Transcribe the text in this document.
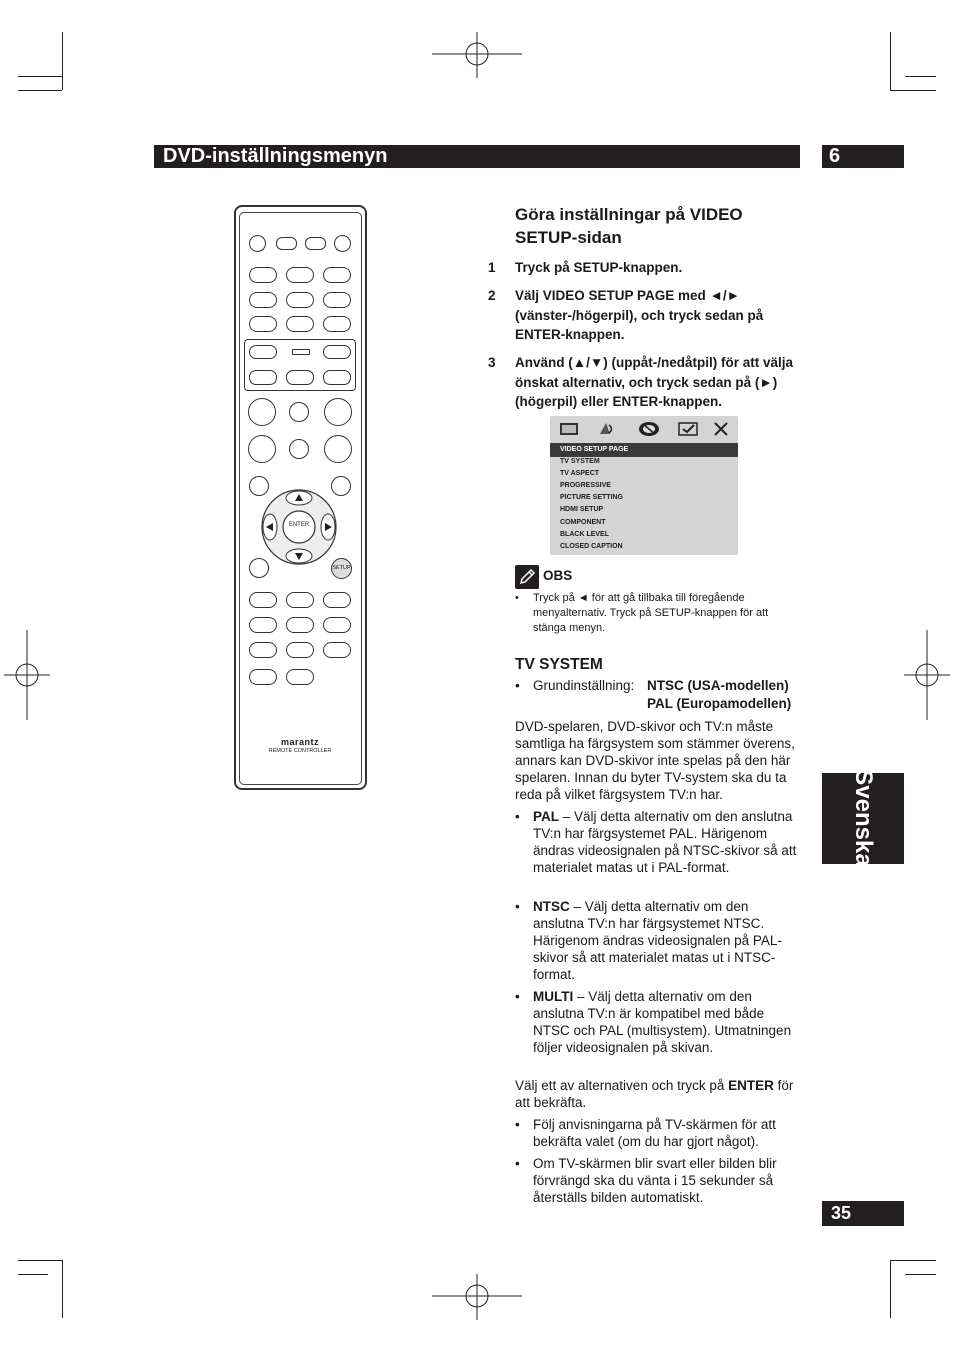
DVD-inställningsmenyn	6
Svenska
35
ENTER
SETUP
marantz
REMOTE CONTROLLER
Göra inställningar på VIDEO SETUP-sidan
1 Tryck på SETUP-knappen.
2 Välj VIDEO SETUP PAGE med ◄/► (vänster-/högerpil), och tryck sedan på ENTER-knappen.
3 Använd (▲/▼) (uppåt-/nedåtpil) för att välja önskat alternativ, och tryck sedan på (►) (högerpil) eller ENTER-knappen.
VIDEO SETUP PAGE
TV SYSTEM
TV ASPECT
PROGRESSIVE
PICTURE SETTING
HDMI SETUP
COMPONENT
BLACK LEVEL
CLOSED CAPTION
OBS
• Tryck på ◄ för att gå tillbaka till föregående menyalternativ. Tryck på SETUP-knappen för att stänga menyn.
TV SYSTEM
• Grundinställning: NTSC (USA-modellen)
PAL (Europamodellen)
DVD-spelaren, DVD-skivor och TV:n måste samtliga ha färgsystem som stämmer överens, annars kan DVD-skivor inte spelas på den här spelaren. Innan du byter TV-system ska du ta reda på vilket färgsystem TV:n har.
• PAL – Välj detta alternativ om den anslutna TV:n har färgsystemet PAL. Härigenom ändras videosignalen på NTSC-skivor så att materialet matas ut i PAL-format.
• NTSC – Välj detta alternativ om den anslutna TV:n har färgsystemet NTSC. Härigenom ändras videosignalen på PAL-skivor så att materialet matas ut i NTSC-format.
• MULTI – Välj detta alternativ om den anslutna TV:n är kompatibel med både NTSC och PAL (multisystem). Utmatningen följer videosignalen på skivan.
Välj ett av alternativen och tryck på ENTER för att bekräfta.
• Följ anvisningarna på TV-skärmen för att bekräfta valet (om du har gjort något).
• Om TV-skärmen blir svart eller bilden blir förvrängd ska du vänta i 15 sekunder så återställs bilden automatiskt.
